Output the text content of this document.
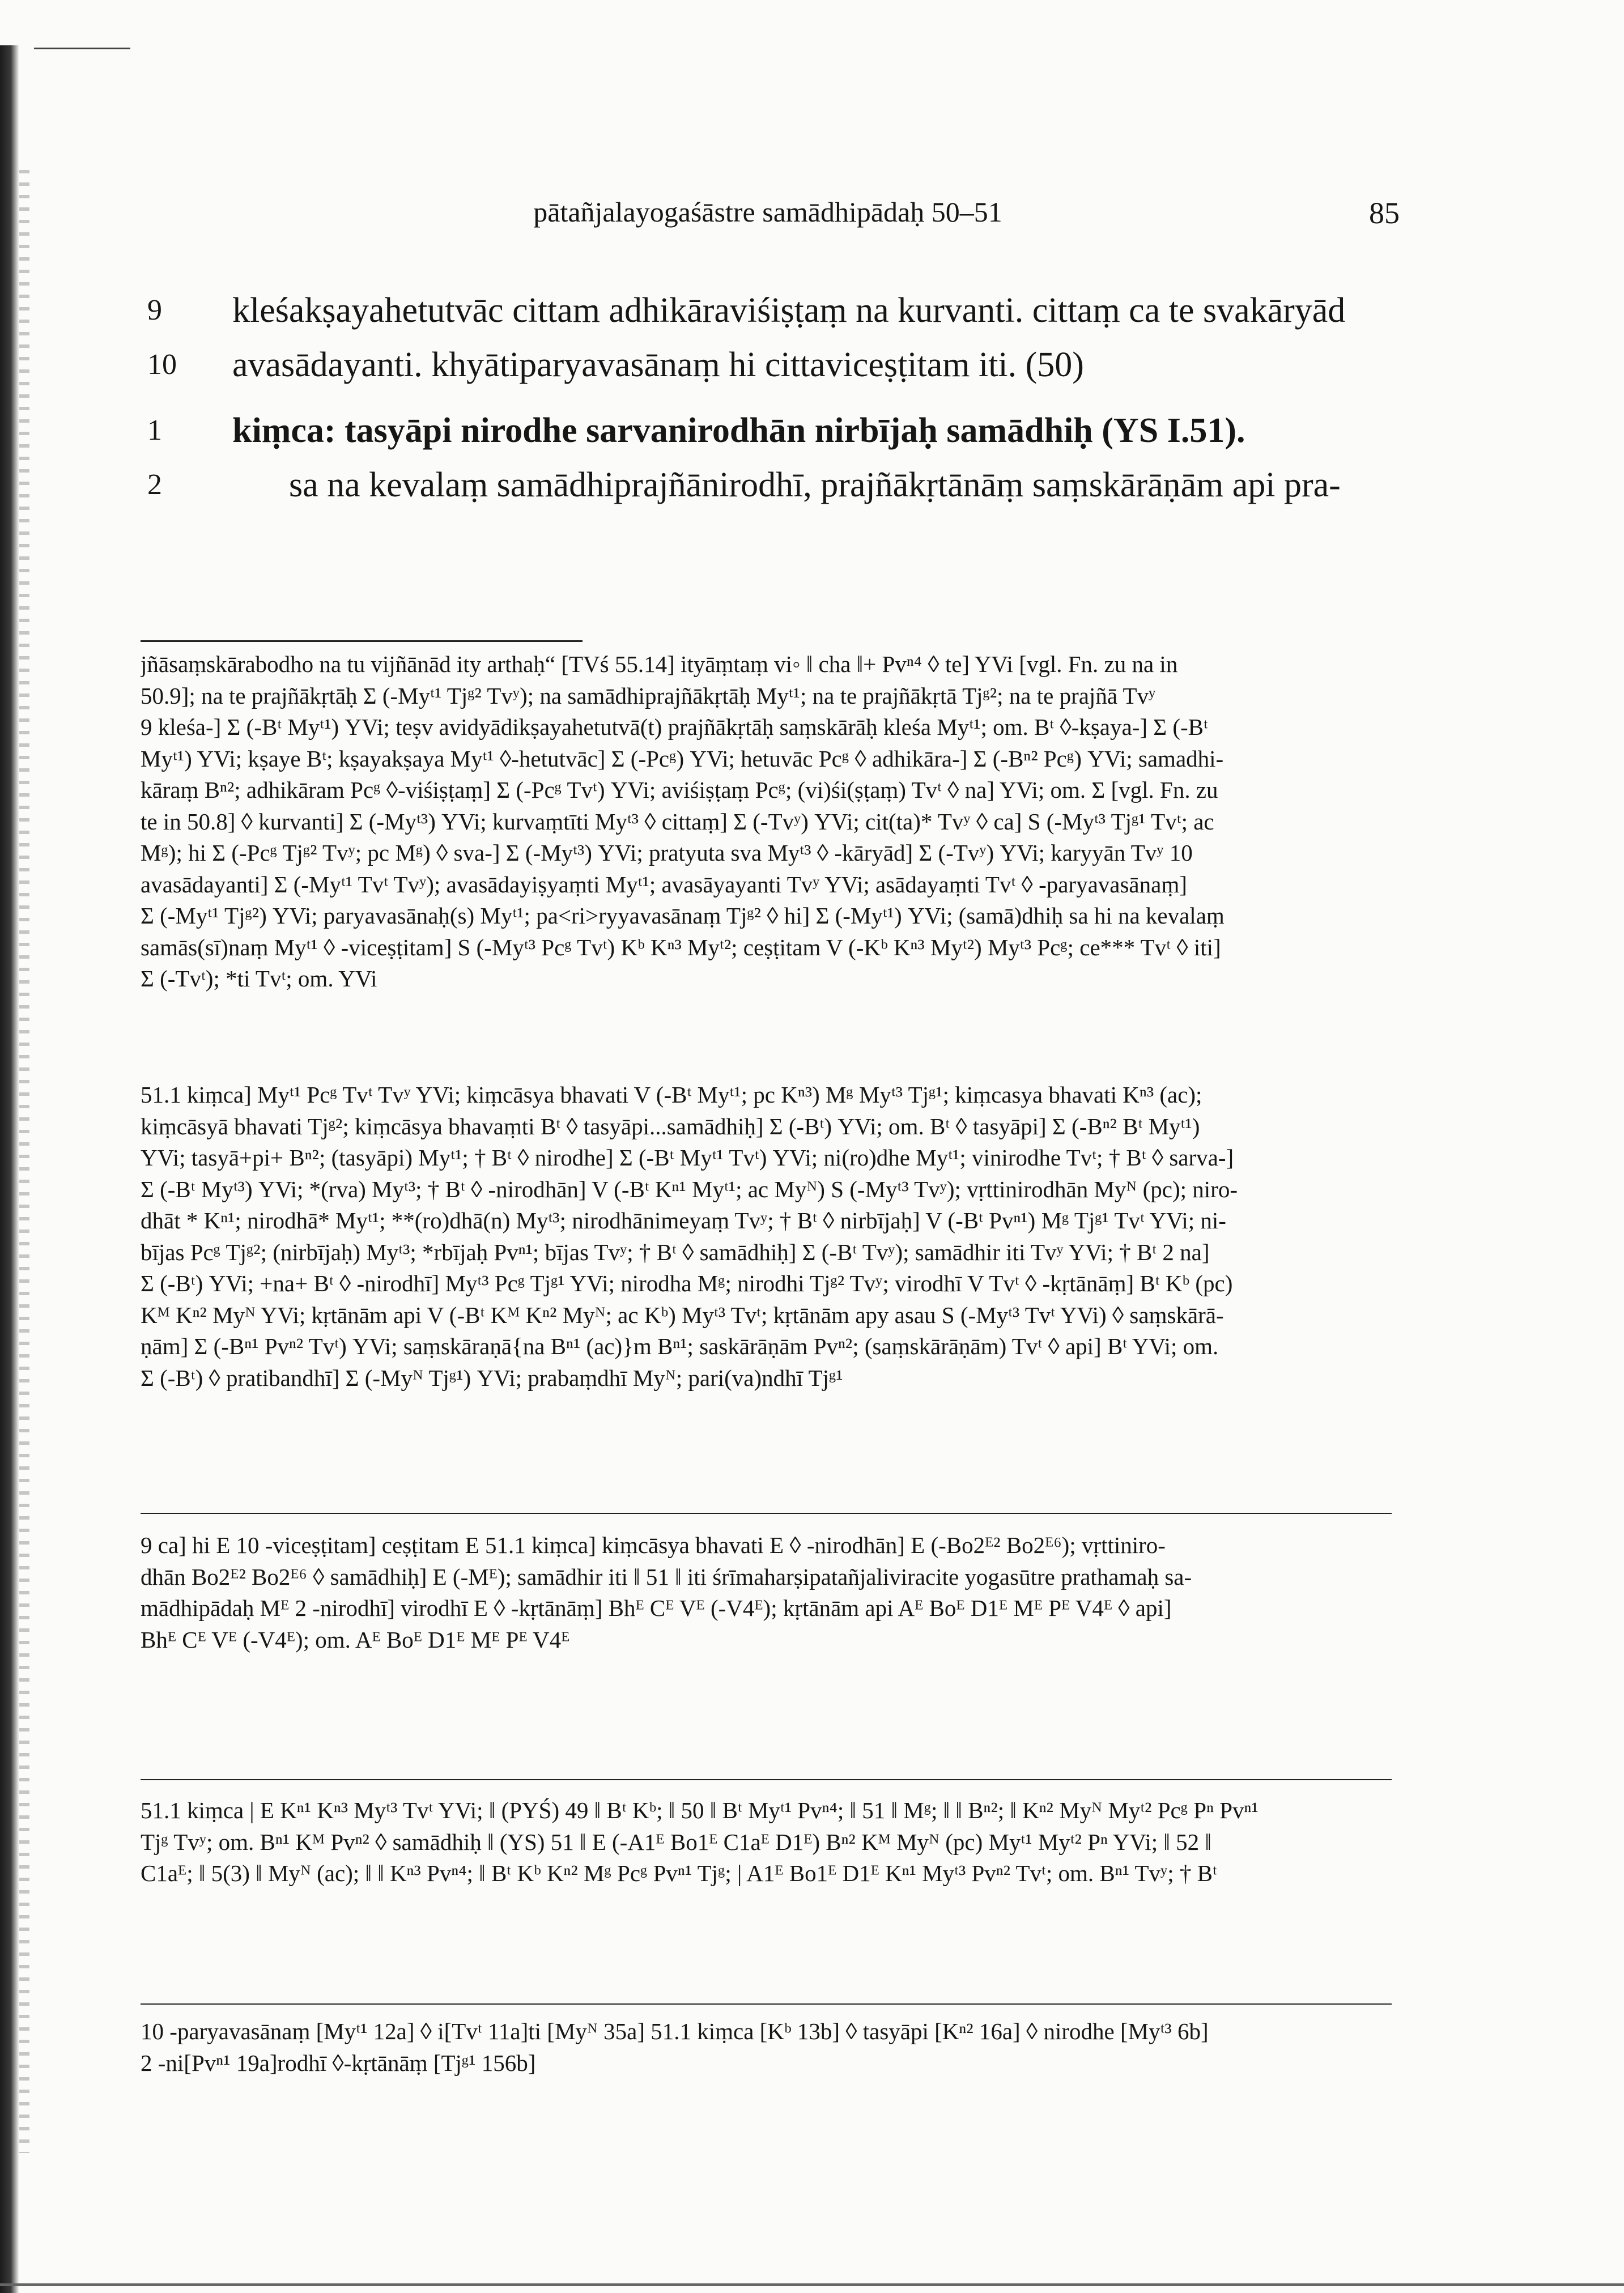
pātañjalayogaśāstre samādhipādaḥ 50–51	85
9	kleśakṣayahetutvāc cittam adhikāraviśiṣṭaṃ na kurvanti. cittaṃ ca te svakāryād
10	avasādayanti. khyātiparyavasānaṃ hi cittaviceṣṭitam iti. (50)
1	kiṃca: tasyāpi nirodhe sarvanirodhān nirbījaḥ samādhiḥ (YS I.51).
2	sa na kevalaṃ samādhiprajñānirodhī, prajñākṛtānāṃ saṃskārāṇām api pra-
jñāsaṃskārabodho na tu vijñānād ity arthaḥ“ [TVś 55.14] ityāṃtaṃ vi◦ ‖ cha ‖+ Pvⁿ⁴ ◊ te] YVi [vgl. Fn. zu na in
50.9]; na te prajñākṛtāḥ Σ (-Myᵗ¹ Tjᵍ² Tvʸ); na samādhiprajñākṛtāḥ Myᵗ¹; na te prajñākṛtā Tjᵍ²; na te prajñā Tvʸ
9 kleśa-] Σ (-Bᵗ Myᵗ¹) YVi; teṣv avidyādikṣayahetutvā(t) prajñākṛtāḥ saṃskārāḥ kleśa Myᵗ¹; om. Bᵗ ◊-kṣaya-] Σ (-Bᵗ
Myᵗ¹) YVi; kṣaye Bᵗ; kṣayakṣaya Myᵗ¹ ◊-hetutvāc] Σ (-Pcᵍ) YVi; hetuvāc Pcᵍ ◊ adhikāra-] Σ (-Bⁿ² Pcᵍ) YVi; samadhi-
kāraṃ Bⁿ²; adhikāram Pcᵍ ◊-viśiṣṭaṃ] Σ (-Pcᵍ Tvᵗ) YVi; aviśiṣṭaṃ Pcᵍ; (vi)śi(ṣṭaṃ) Tvᵗ ◊ na] YVi; om. Σ [vgl. Fn. zu
te in 50.8] ◊ kurvanti] Σ (-Myᵗ³) YVi; kurvaṃtīti Myᵗ³ ◊ cittaṃ] Σ (-Tvʸ) YVi; cit(ta)* Tvʸ ◊ ca] S (-Myᵗ³ Tjᵍ¹ Tvᵗ; ac
Mᵍ); hi Σ (-Pcᵍ Tjᵍ² Tvʸ; pc Mᵍ) ◊ sva-] Σ (-Myᵗ³) YVi; pratyuta sva Myᵗ³ ◊ -kāryād] Σ (-Tvʸ) YVi; karyyān Tvʸ 10
avasādayanti] Σ (-Myᵗ¹ Tvᵗ Tvʸ); avasādayiṣyaṃti Myᵗ¹; avasāyayanti Tvʸ YVi; asādayaṃti Tvᵗ ◊ -paryavasānaṃ]
Σ (-Myᵗ¹ Tjᵍ²) YVi; paryavasānaḥ(s) Myᵗ¹; pa<ri>ryyavasānaṃ Tjᵍ² ◊ hi] Σ (-Myᵗ¹) YVi; (samā)dhiḥ sa hi na kevalaṃ
samās(sī)naṃ Myᵗ¹ ◊ -viceṣṭitam] S (-Myᵗ³ Pcᵍ Tvᵗ) Kᵇ Kⁿ³ Myᵗ²; ceṣṭitam V (-Kᵇ Kⁿ³ Myᵗ²) Myᵗ³ Pcᵍ; ce*** Tvᵗ ◊ iti]
Σ (-Tvᵗ); *ti Tvᵗ; om. YVi
51.1 kiṃca] Myᵗ¹ Pcᵍ Tvᵗ Tvʸ YVi; kiṃcāsya bhavati V (-Bᵗ Myᵗ¹; pc Kⁿ³) Mᵍ Myᵗ³ Tjᵍ¹; kiṃcasya bhavati Kⁿ³ (ac);
kiṃcāsyā bhavati Tjᵍ²; kiṃcāsya bhavaṃti Bᵗ ◊ tasyāpi...samādhiḥ] Σ (-Bᵗ) YVi; om. Bᵗ ◊ tasyāpi] Σ (-Bⁿ² Bᵗ Myᵗ¹)
YVi; tasyā+pi+ Bⁿ²; (tasyāpi) Myᵗ¹; † Bᵗ ◊ nirodhe] Σ (-Bᵗ Myᵗ¹ Tvᵗ) YVi; ni(ro)dhe Myᵗ¹; vinirodhe Tvᵗ; † Bᵗ ◊ sarva-]
Σ (-Bᵗ Myᵗ³) YVi; *(rva) Myᵗ³; † Bᵗ ◊ -nirodhān] V (-Bᵗ Kⁿ¹ Myᵗ¹; ac Myᴺ) S (-Myᵗ³ Tvʸ); vṛttinirodhān Myᴺ (pc); niro-
dhāt * Kⁿ¹; nirodhā* Myᵗ¹; **(ro)dhā(n) Myᵗ³; nirodhānimeyaṃ Tvʸ; † Bᵗ ◊ nirbījaḥ] V (-Bᵗ Pvⁿ¹) Mᵍ Tjᵍ¹ Tvᵗ YVi; ni-
bījas Pcᵍ Tjᵍ²; (nirbījaḥ) Myᵗ³; *rbījaḥ Pvⁿ¹; bījas Tvʸ; † Bᵗ ◊ samādhiḥ] Σ (-Bᵗ Tvʸ); samādhir iti Tvʸ YVi; † Bᵗ 2 na]
Σ (-Bᵗ) YVi; +na+ Bᵗ ◊ -nirodhī] Myᵗ³ Pcᵍ Tjᵍ¹ YVi; nirodha Mᵍ; nirodhi Tjᵍ² Tvʸ; virodhī V Tvᵗ ◊ -kṛtānāṃ] Bᵗ Kᵇ (pc)
Kᴹ Kⁿ² Myᴺ YVi; kṛtānām api V (-Bᵗ Kᴹ Kⁿ² Myᴺ; ac Kᵇ) Myᵗ³ Tvᵗ; kṛtānām apy asau S (-Myᵗ³ Tvᵗ YVi) ◊ saṃskārā-
ṇām] Σ (-Bⁿ¹ Pvⁿ² Tvᵗ) YVi; saṃskāraṇā{na Bⁿ¹ (ac)}m Bⁿ¹; saskārāṇām Pvⁿ²; (saṃskārāṇām) Tvᵗ ◊ api] Bᵗ YVi; om.
Σ (-Bᵗ) ◊ pratibandhī] Σ (-Myᴺ Tjᵍ¹) YVi; prabaṃdhī Myᴺ; pari(va)ndhī Tjᵍ¹
9 ca] hi E 10 -viceṣṭitam] ceṣṭitam E 51.1 kiṃca] kiṃcāsya bhavati E ◊ -nirodhān] E (-Bo2ᴱ² Bo2ᴱ⁶); vṛttiniro-
dhān Bo2ᴱ² Bo2ᴱ⁶ ◊ samādhiḥ] E (-Mᴱ); samādhir iti ‖ 51 ‖ iti śrīmaharṣipatañjaliviracite yogasūtre prathamaḥ sa-
mādhipādaḥ Mᴱ 2 -nirodhī] virodhī E ◊ -kṛtānāṃ] Bhᴱ Cᴱ Vᴱ (-V4ᴱ); kṛtānām api Aᴱ Boᴱ D1ᴱ Mᴱ Pᴱ V4ᴱ ◊ api]
Bhᴱ Cᴱ Vᴱ (-V4ᴱ); om. Aᴱ Boᴱ D1ᴱ Mᴱ Pᴱ V4ᴱ
51.1 kiṃca | E Kⁿ¹ Kⁿ³ Myᵗ³ Tvᵗ YVi; ‖ (PYŚ) 49 ‖ Bᵗ Kᵇ; ‖ 50 ‖ Bᵗ Myᵗ¹ Pvⁿ⁴; ‖ 51 ‖ Mᵍ; ‖ ‖ Bⁿ²; ‖ Kⁿ² Myᴺ Myᵗ² Pcᵍ Pⁿ Pvⁿ¹
Tjᵍ Tvʸ; om. Bⁿ¹ Kᴹ Pvⁿ² ◊ samādhiḥ ‖ (YS) 51 ‖ E (-A1ᴱ Bo1ᴱ C1aᴱ D1ᴱ) Bⁿ² Kᴹ Myᴺ (pc) Myᵗ¹ Myᵗ² Pⁿ YVi; ‖ 52 ‖
C1aᴱ; ‖ 5(3) ‖ Myᴺ (ac); ‖ ‖ Kⁿ³ Pvⁿ⁴; ‖ Bᵗ Kᵇ Kⁿ² Mᵍ Pcᵍ Pvⁿ¹ Tjᵍ; | A1ᴱ Bo1ᴱ D1ᴱ Kⁿ¹ Myᵗ³ Pvⁿ² Tvᵗ; om. Bⁿ¹ Tvʸ; † Bᵗ
10 -paryavasānaṃ [Myᵗ¹ 12a] ◊ i[Tvᵗ 11a]ti [Myᴺ 35a] 51.1 kiṃca [Kᵇ 13b] ◊ tasyāpi [Kⁿ² 16a] ◊ nirodhe [Myᵗ³ 6b]
2 -ni[Pvⁿ¹ 19a]rodhī ◊-kṛtānāṃ [Tjᵍ¹ 156b]
